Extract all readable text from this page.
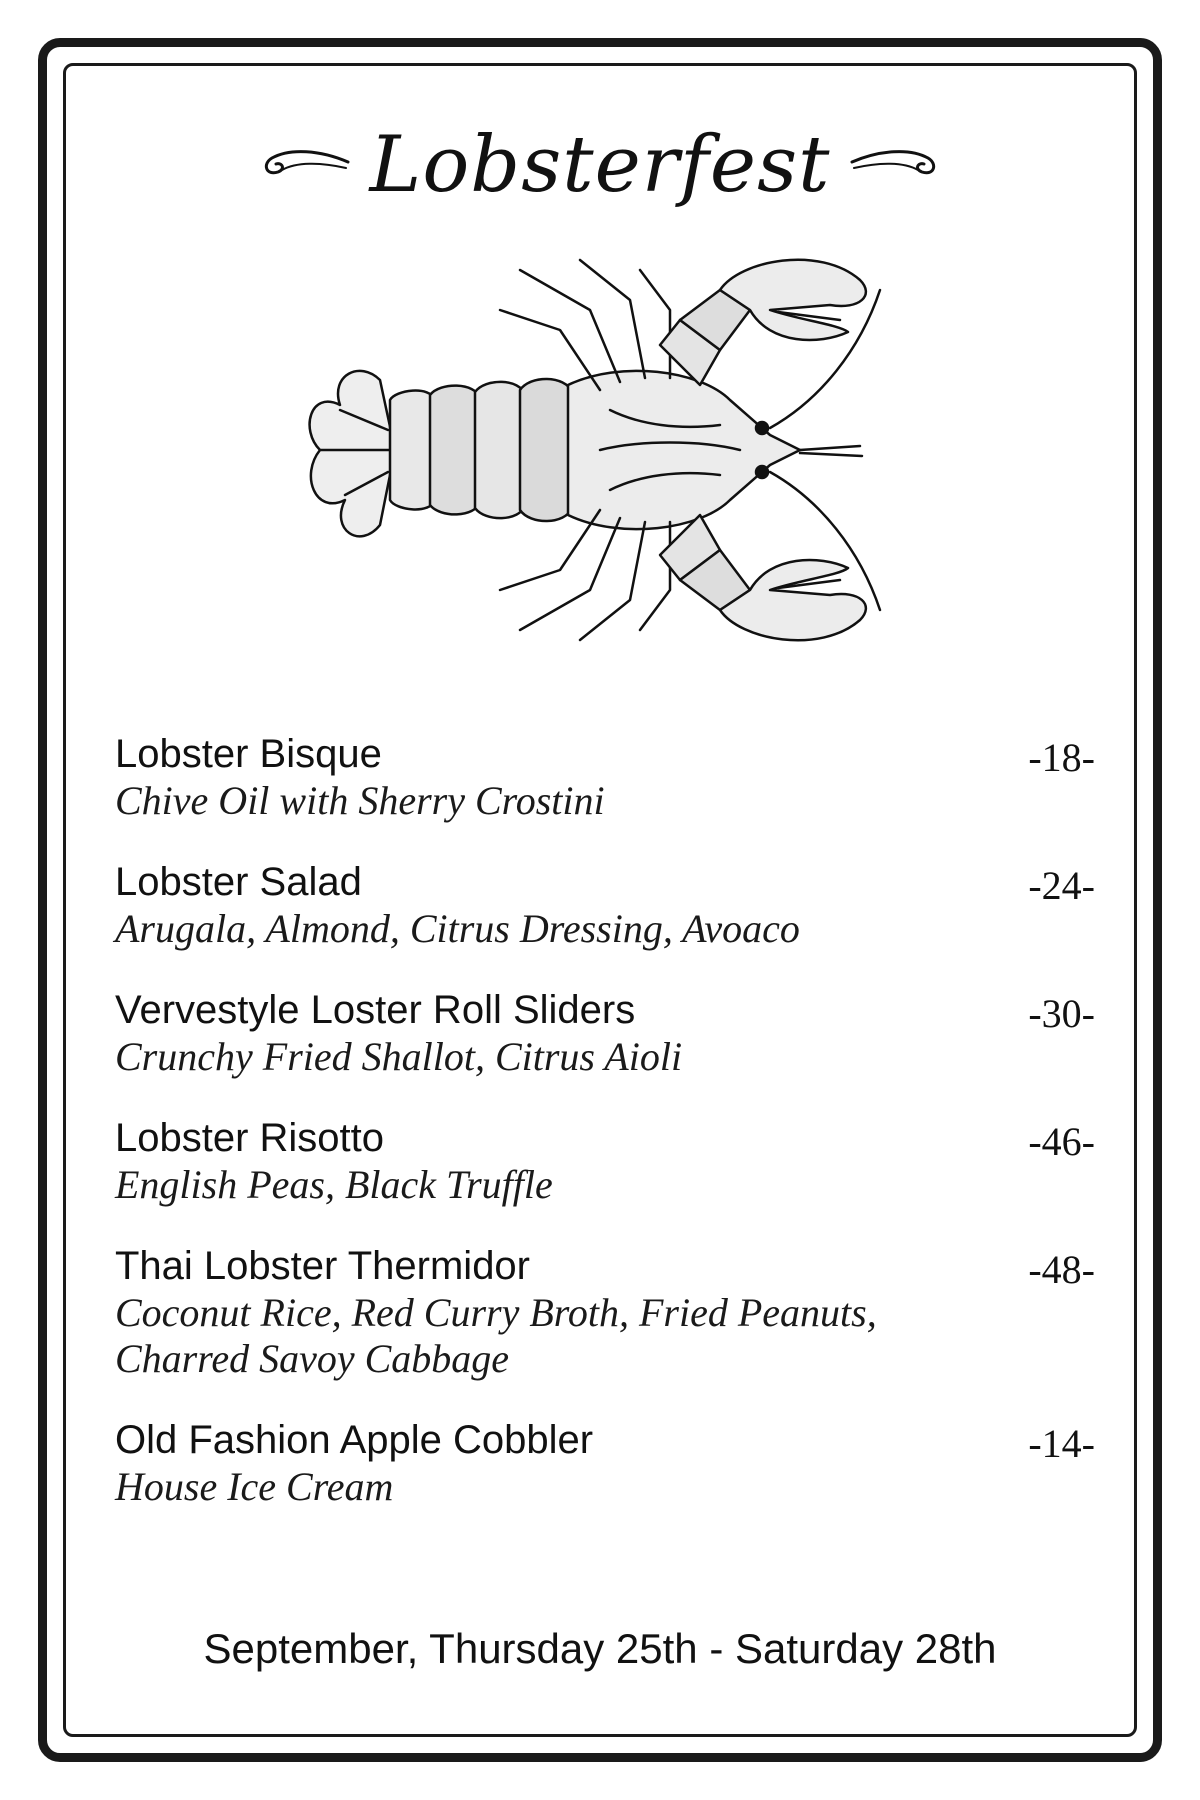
Lobsterfest
Lobster Bisque
Chive Oil with Sherry Crostini
-18-
Lobster Salad
Arugala, Almond, Citrus Dressing, Avoaco
-24-
Vervestyle Loster Roll Sliders
Crunchy Fried Shallot, Citrus Aioli
-30-
Lobster Risotto
English Peas, Black Truffle
-46-
Thai Lobster Thermidor
Coconut Rice, Red Curry Broth, Fried Peanuts,
Charred Savoy Cabbage
-48-
Old Fashion Apple Cobbler
House Ice Cream
-14-
September, Thursday 25th - Saturday 28th
